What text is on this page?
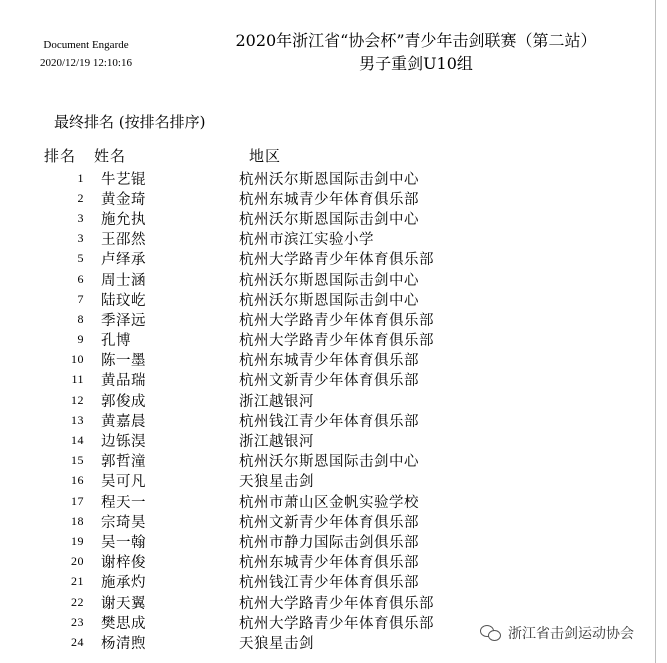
Document Engarde
2020/12/19 12:10:16
2020年浙江省“协会杯”青少年击剑联赛（第二站）
男子重剑U10组
最终排名 (按排名排序)
排名	姓名	地区
1	牛艺锟	杭州沃尔斯恩国际击剑中心
2	黄金琦	杭州东城青少年体育俱乐部
3	施允执	杭州沃尔斯恩国际击剑中心
3	王邵然	杭州市滨江实验小学
5	卢绎承	杭州大学路青少年体育俱乐部
6	周士涵	杭州沃尔斯恩国际击剑中心
7	陆玟屹	杭州沃尔斯恩国际击剑中心
8	季泽远	杭州大学路青少年体育俱乐部
9	孔博	杭州大学路青少年体育俱乐部
10	陈一墨	杭州东城青少年体育俱乐部
11	黄品瑞	杭州文新青少年体育俱乐部
12	郭俊成	浙江越银河
13	黄嘉晨	杭州钱江青少年体育俱乐部
14	边铄淏	浙江越银河
15	郭哲潼	杭州沃尔斯恩国际击剑中心
16	吴可凡	天狼星击剑
17	程天一	杭州市萧山区金帆实验学校
18	宗琦昊	杭州文新青少年体育俱乐部
19	吴一翰	杭州市静力国际击剑俱乐部
20	谢梓俊	杭州东城青少年体育俱乐部
21	施承灼	杭州钱江青少年体育俱乐部
22	谢天翼	杭州大学路青少年体育俱乐部
23	樊思成	杭州大学路青少年体育俱乐部
24	杨清煦	天狼星击剑
浙江省击剑运动协会
